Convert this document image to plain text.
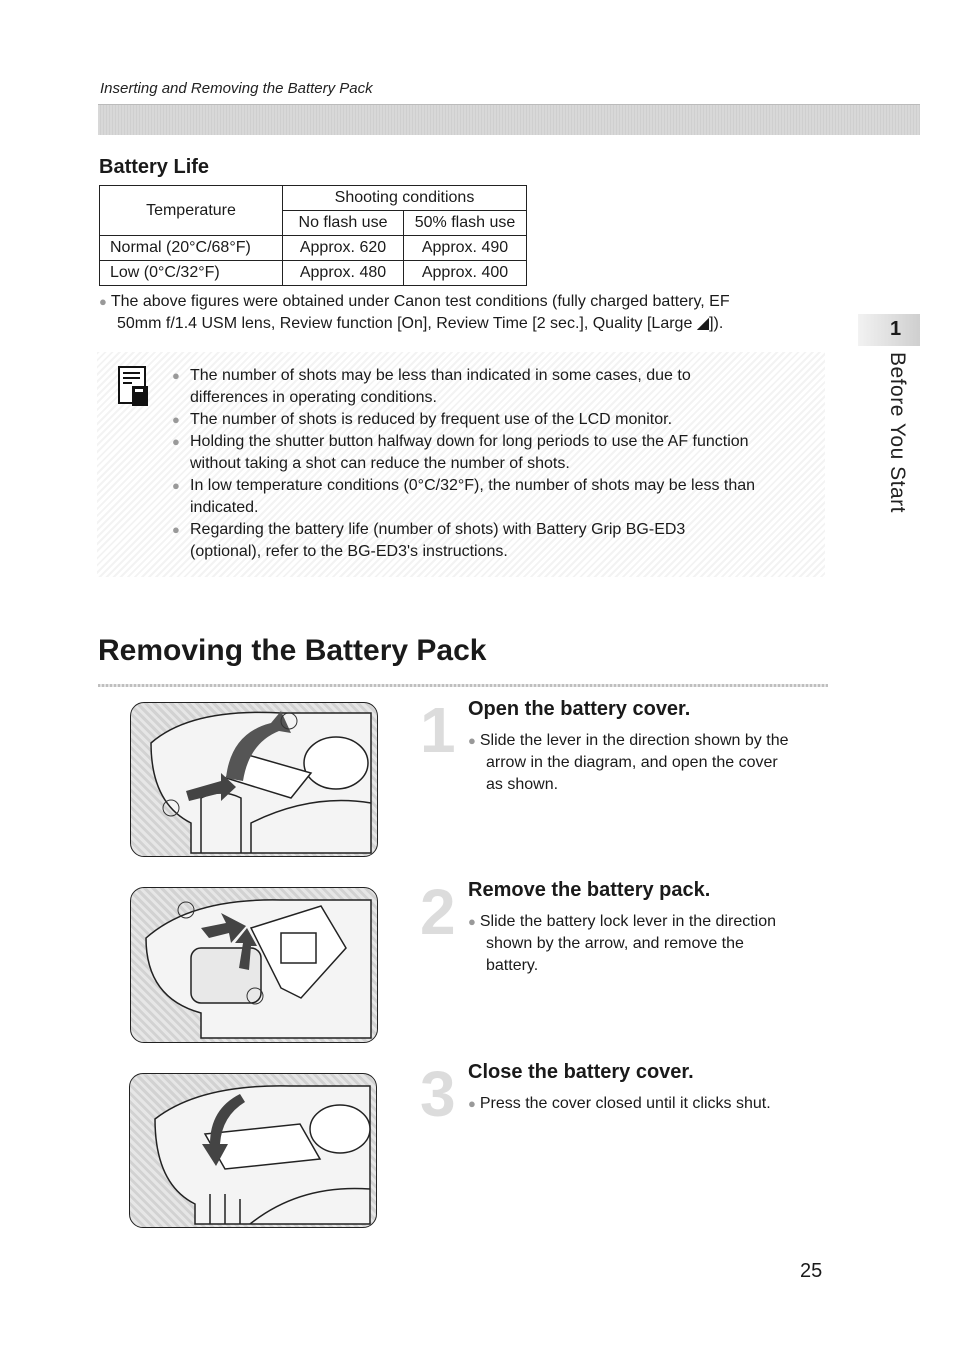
Inserting and Removing the Battery Pack
Battery Life
Temperature	Shooting conditions	
	No flash use	50% flash use
Normal (20°C/68°F)	Approx. 620	Approx. 490
Low (0°C/32°F)	Approx. 480	Approx. 400
● The above figures were obtained under Canon test conditions (fully charged battery, EF
50mm f/1.4 USM lens, Review function [On], Review Time [2 sec.], Quality [Large ◢]).
● The number of shots may be less than indicated in some cases, due to
differences in operating conditions.
● The number of shots is reduced by frequent use of the LCD monitor.
● Holding the shutter button halfway down for long periods to use the AF function
without taking a shot can reduce the number of shots.
● In low temperature conditions (0°C/32°F), the number of shots may be less than
indicated.
● Regarding the battery life (number of shots) with Battery Grip BG-ED3
(optional), refer to the BG-ED3's instructions.
1
Before You Start
Removing the Battery Pack
1 Open the battery cover.
● Slide the lever in the direction shown by the
arrow in the diagram, and open the cover
as shown.
2 Remove the battery pack.
● Slide the battery lock lever in the direction
shown by the arrow, and remove the
battery.
3 Close the battery cover.
● Press the cover closed until it clicks shut.
25
